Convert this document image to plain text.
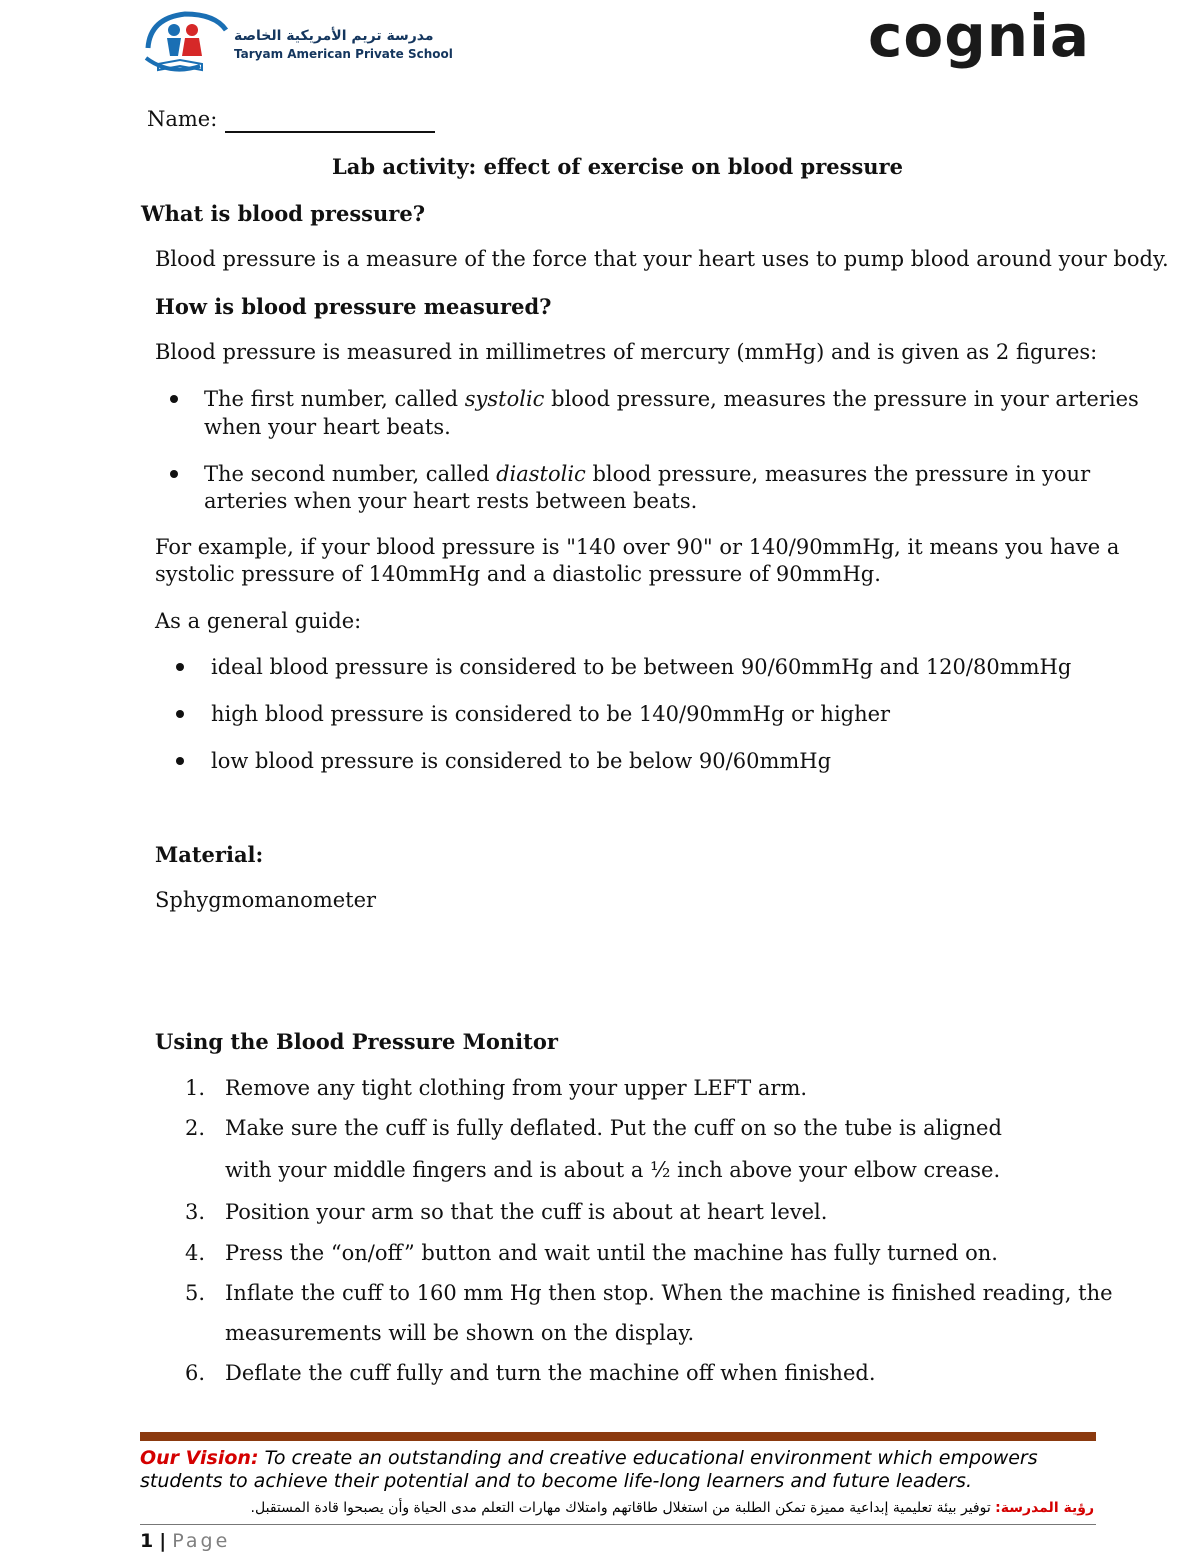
مدرسة تريم الأمريكية الخاصة
Taryam American Private School	cognia
Name:
Lab activity: effect of exercise on blood pressure
What is blood pressure?
Blood pressure is a measure of the force that your heart uses to pump blood around your body.
How is blood pressure measured?
Blood pressure is measured in millimetres of mercury (mmHg) and is given as 2 figures:
The first number, called systolic blood pressure, measures the pressure in your arteries
when your heart beats.
The second number, called diastolic blood pressure, measures the pressure in your
arteries when your heart rests between beats.
For example, if your blood pressure is "140 over 90" or 140/90mmHg, it means you have a
systolic pressure of 140mmHg and a diastolic pressure of 90mmHg.
As a general guide:
ideal blood pressure is considered to be between 90/60mmHg and 120/80mmHg
high blood pressure is considered to be 140/90mmHg or higher
low blood pressure is considered to be below 90/60mmHg
Material:
Sphygmomanometer
Using the Blood Pressure Monitor
1. Remove any tight clothing from your upper LEFT arm.
2. Make sure the cuff is fully deflated. Put the cuff on so the tube is aligned
with your middle fingers and is about a ½ inch above your elbow crease.
3. Position your arm so that the cuff is about at heart level.
4. Press the “on/off” button and wait until the machine has fully turned on.
5. Inflate the cuff to 160 mm Hg then stop. When the machine is finished reading, the
measurements will be shown on the display.
6. Deflate the cuff fully and turn the machine off when finished.
Our Vision: To create an outstanding and creative educational environment which empowers students to achieve their potential and to become life-long learners and future leaders.
رؤية المدرسة: توفير بيئة تعليمية إبداعية مميزة تمكن الطلبة من استغلال طاقاتهم وامتلاك مهارات التعلم مدى الحياة وأن يصبحوا قادة المستقبل.
1 | Page
